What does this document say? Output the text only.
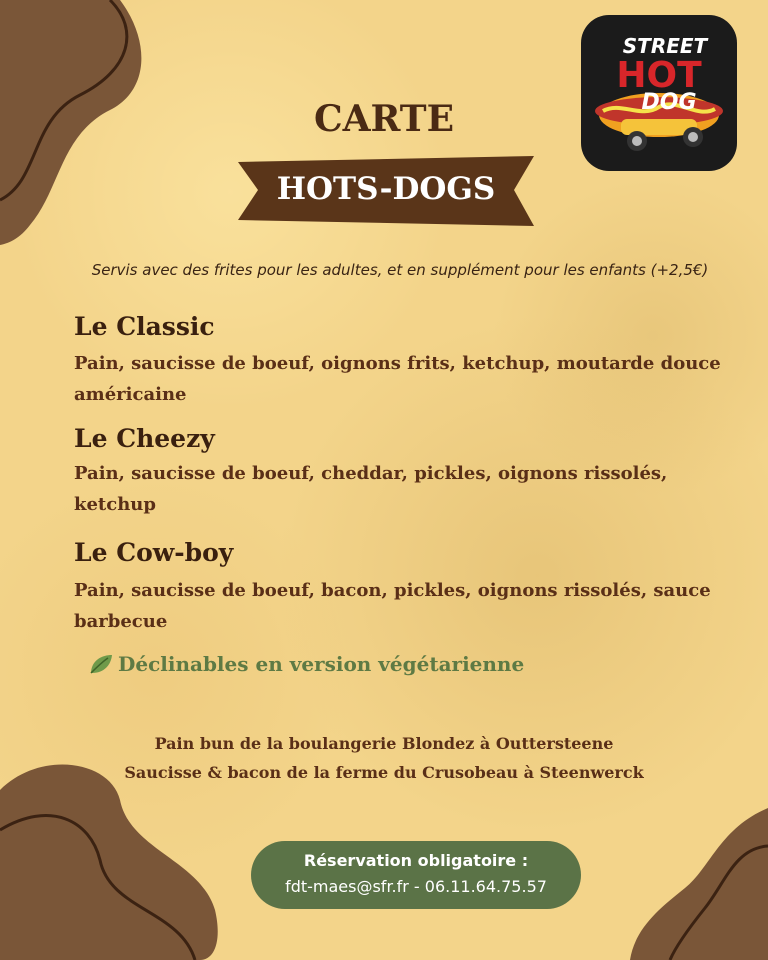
STREET
HOT
DOG
CARTE
HOTS-DOGS
Servis avec des frites pour les adultes, et en supplément pour les enfants (+2,5€)
Le Classic
Pain, saucisse de boeuf, oignons frits, ketchup, moutarde douce américaine
Le Cheezy
Pain, saucisse de boeuf, cheddar, pickles, oignons rissolés, ketchup
Le Cow-boy
Pain, saucisse de boeuf, bacon, pickles, oignons rissolés, sauce barbecue
Déclinables en version végétarienne
Pain bun de la boulangerie Blondez à Outtersteene
Saucisse & bacon de la ferme du Crusobeau à Steenwerck
Réservation obligatoire :
fdt-maes@sfr.fr - 06.11.64.75.57
